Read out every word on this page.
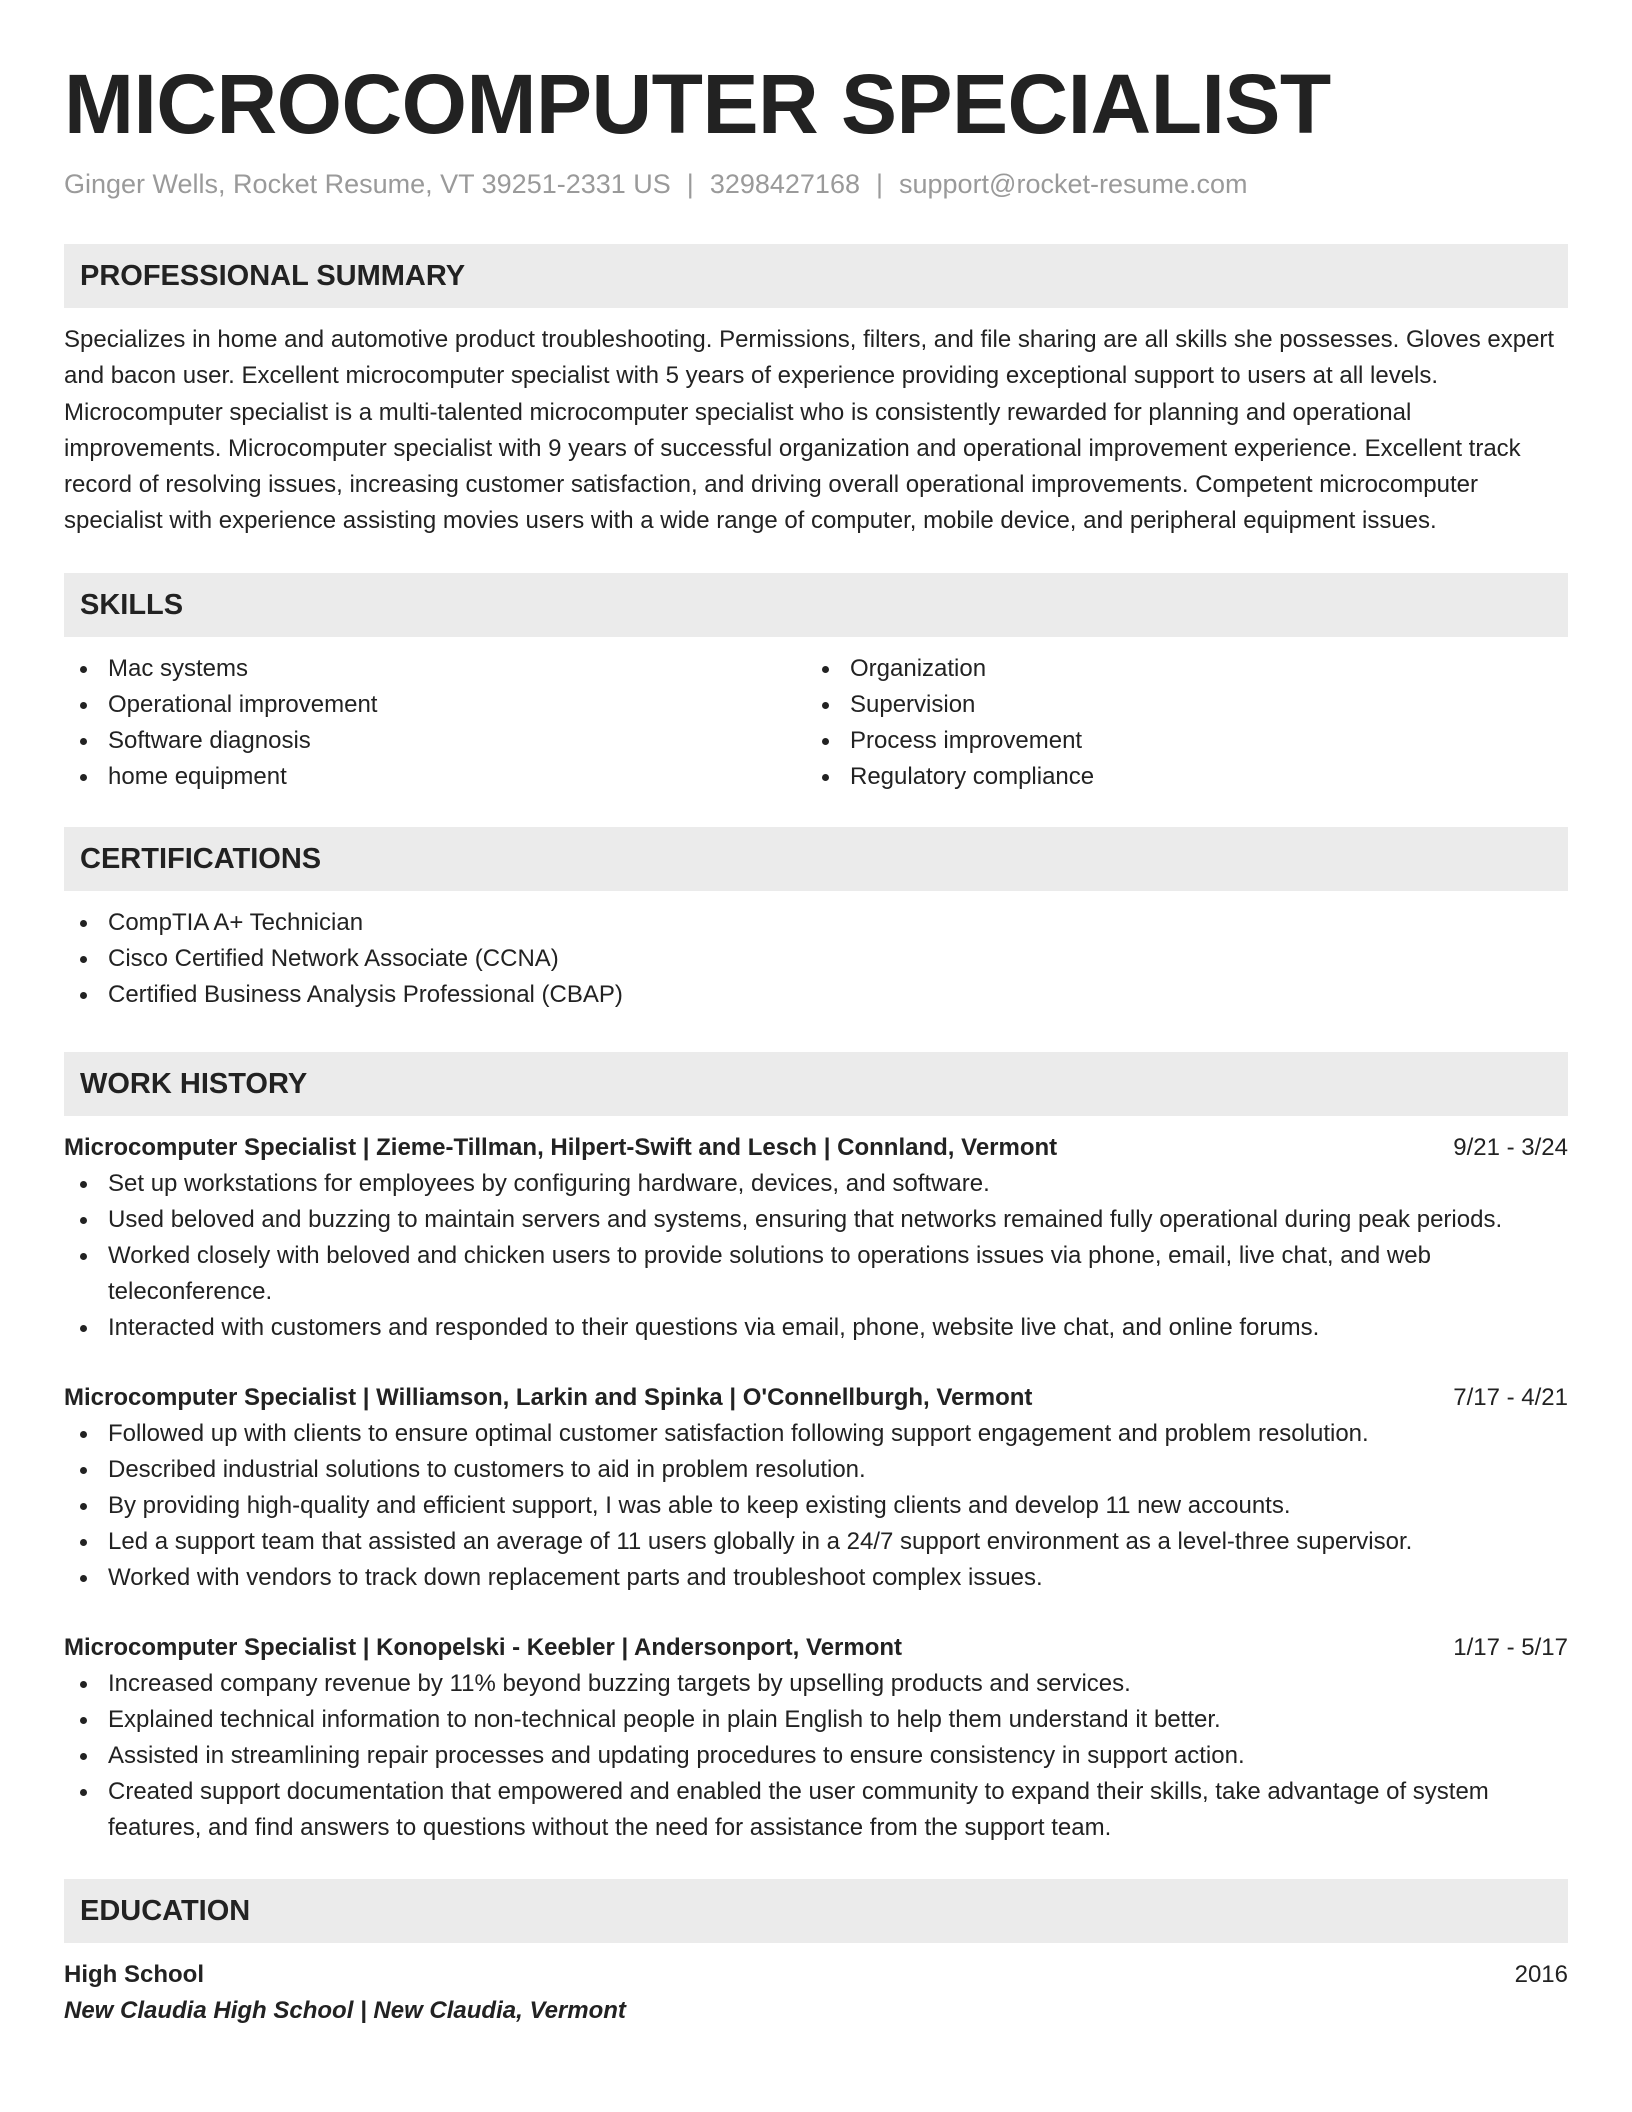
MICROCOMPUTER SPECIALIST
Ginger Wells, Rocket Resume, VT 39251-2331 US | 3298427168 | support@rocket-resume.com
PROFESSIONAL SUMMARY

Specializes in home and automotive product troubleshooting. Permissions, filters, and file sharing are all skills she possesses. Gloves expert and bacon user. Excellent microcomputer specialist with 5 years of experience providing exceptional support to users at all levels. Microcomputer specialist is a multi-talented microcomputer specialist who is consistently rewarded for planning and operational improvements. Microcomputer specialist with 9 years of successful organization and operational improvement experience. Excellent track record of resolving issues, increasing customer satisfaction, and driving overall operational improvements. Competent microcomputer specialist with experience assisting movies users with a wide range of computer, mobile device, and peripheral equipment issues.

SKILLS
Mac systems
Operational improvement
Software diagnosis
home equipment
Organization
Supervision
Process improvement
Regulatory compliance
CERTIFICATIONS
CompTIA A+ Technician
Cisco Certified Network Associate (CCNA)
Certified Business Analysis Professional (CBAP)
WORK HISTORY
Microcomputer Specialist | Zieme-Tillman, Hilpert-Swift and Lesch | Connland, Vermont	9/21 - 3/24
Set up workstations for employees by configuring hardware, devices, and software.
Used beloved and buzzing to maintain servers and systems, ensuring that networks remained fully operational during peak periods.
Worked closely with beloved and chicken users to provide solutions to operations issues via phone, email, live chat, and web teleconference.
Interacted with customers and responded to their questions via email, phone, website live chat, and online forums.
Microcomputer Specialist | Williamson, Larkin and Spinka | O'Connellburgh, Vermont	7/17 - 4/21
Followed up with clients to ensure optimal customer satisfaction following support engagement and problem resolution.
Described industrial solutions to customers to aid in problem resolution.
By providing high-quality and efficient support, I was able to keep existing clients and develop 11 new accounts.
Led a support team that assisted an average of 11 users globally in a 24/7 support environment as a level-three supervisor.
Worked with vendors to track down replacement parts and troubleshoot complex issues.
Microcomputer Specialist | Konopelski - Keebler | Andersonport, Vermont	1/17 - 5/17
Increased company revenue by 11% beyond buzzing targets by upselling products and services.
Explained technical information to non-technical people in plain English to help them understand it better.
Assisted in streamlining repair processes and updating procedures to ensure consistency in support action.
Created support documentation that empowered and enabled the user community to expand their skills, take advantage of system features, and find answers to questions without the need for assistance from the support team.
EDUCATION
High School	2016
New Claudia High School | New Claudia, Vermont
